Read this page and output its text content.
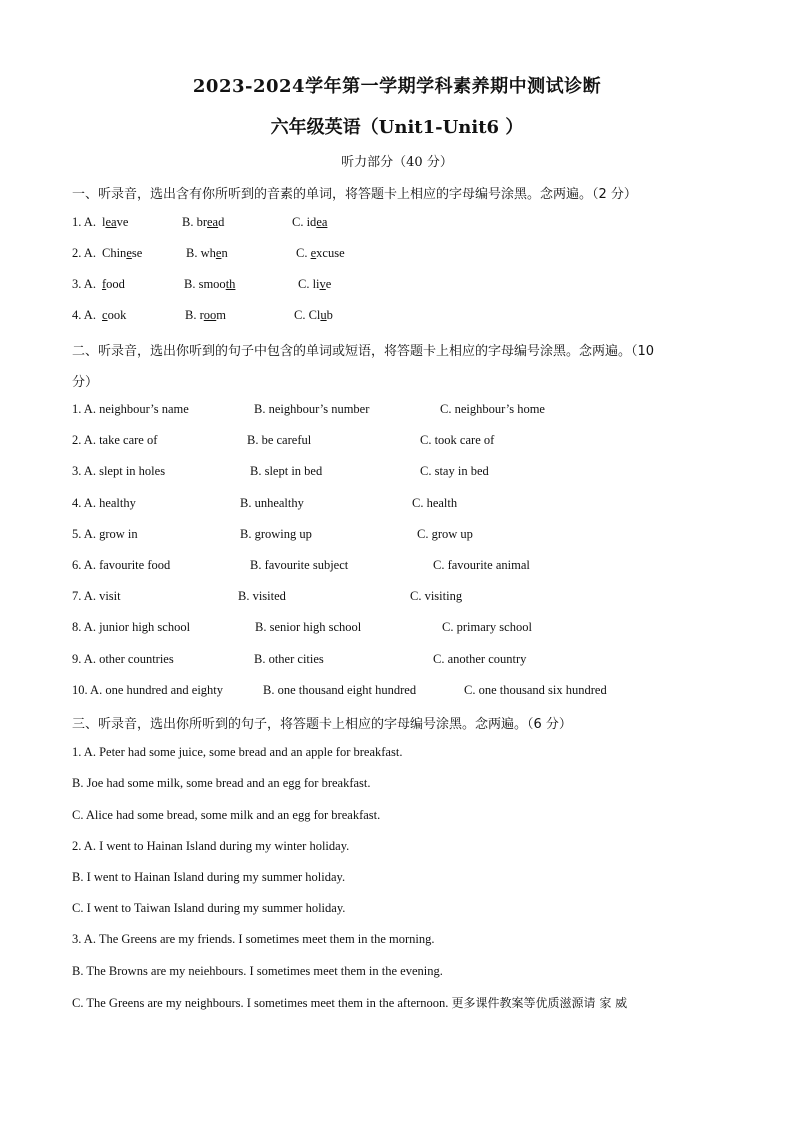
2023-2024学年第一学期学科素养期中测试诊断
六年级英语（Unit1-Unit6 ）
听力部分（40 分）
一、听录音，选出含有你所听到的音素的单词，将答题卡上相应的字母编号涂黑。念两遍。（2 分）
1. A. leave	B. bread	C. idea
2. A. Chinese	B. when	C. excuse
3. A. food	B. smooth	C. live
4. A. cook	B. room	C. Club
二、听录音，选出你听到的句子中包含的单词或短语，将答题卡上相应的字母编号涂黑。念两遍。（10
分）
1. A. neighbour’s name	B. neighbour’s number	C. neighbour’s home
2. A. take care of	B. be careful	C. took care of
3. A. slept in holes	B. slept in bed	C. stay in bed
4. A. healthy	B. unhealthy	C. health
5. A. grow in	B. growing up	C. grow up
6. A. favourite food	B. favourite subject	C. favourite animal
7. A. visit	B. visited	C. visiting
8. A. junior high school	B. senior high school	C. primary school
9. A. other countries	B. other cities	C. another country
10. A. one hundred and eighty	B. one thousand eight hundred	C. one thousand six hundred
三、听录音，选出你所听到的句子，将答题卡上相应的字母编号涂黑。念两遍。（6 分）
1. A. Peter had some juice, some bread and an apple for breakfast.
B. Joe had some milk, some bread and an egg for breakfast.
C. Alice had some bread, some milk and an egg for breakfast.
2. A. I went to Hainan Island during my winter holiday.
B. I went to Hainan Island during my summer holiday.
C. I went to Taiwan Island during my summer holiday.
3. A. The Greens are my friends. I sometimes meet them in the morning.
B. The Browns are my neiehbours. I sometimes meet them in the evening.
C. The Greens are my neighbours. I sometimes meet them in the afternoon. 更多课件教案等优质滋源请 家 威
